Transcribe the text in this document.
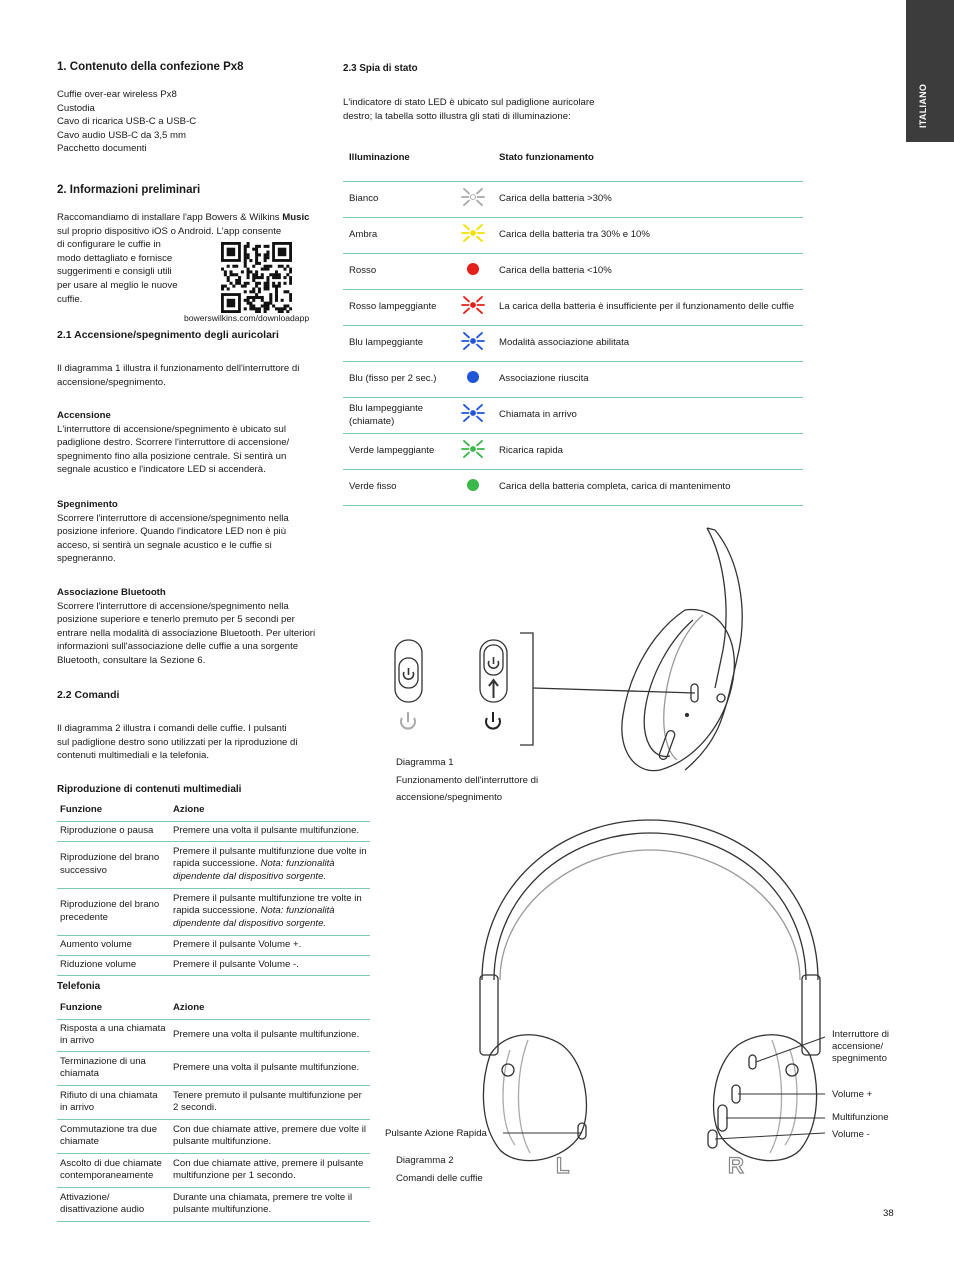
ITALIANO
1. Contenuto della confezione Px8
Cuffie over-ear wireless Px8
Custodia
Cavo di ricarica USB-C a USB-C
Cavo audio USB-C da 3,5 mm
Pacchetto documenti
2. Informazioni preliminari
Raccomandiamo di installare l'app Bowers & Wilkins Music
sul proprio dispositivo iOS o Android. L'app consente
di configurare le cuffie in
modo dettagliato e fornisce
suggerimenti e consigli utili
per usare al meglio le nuove
cuffie.
bowerswilkins.com/downloadapp
2.1 Accensione/spegnimento degli auricolari
Il diagramma 1 illustra il funzionamento dell'interruttore di
accensione/spegnimento.
Accensione
L'interruttore di accensione/spegnimento è ubicato sul
padiglione destro. Scorrere l'interruttore di accensione/
spegnimento fino alla posizione centrale. Si sentirà un
segnale acustico e l'indicatore LED si accenderà.
Spegnimento
Scorrere l'interruttore di accensione/spegnimento nella
posizione inferiore. Quando l'indicatore LED non è più
acceso, si sentirà un segnale acustico e le cuffie si
spegneranno.
Associazione Bluetooth
Scorrere l'interruttore di accensione/spegnimento nella
posizione superiore e tenerlo premuto per 5 secondi per
entrare nella modalità di associazione Bluetooth. Per ulteriori
informazioni sull'associazione delle cuffie a una sorgente
Bluetooth, consultare la Sezione 6.
2.2 Comandi
Il diagramma 2 illustra i comandi delle cuffie. I pulsanti
sul padiglione destro sono utilizzati per la riproduzione di
contenuti multimediali e la telefonia.
Riproduzione di contenuti multimediali
Funzione	Azione
Riproduzione o pausa	Premere una volta il pulsante multifunzione.
Riproduzione del brano successivo	Premere il pulsante multifunzione due volte in rapida successione. Nota: funzionalità dipendente dal dispositivo sorgente.
Riproduzione del brano precedente	Premere il pulsante multifunzione tre volte in rapida successione. Nota: funzionalità dipendente dal dispositivo sorgente.
Aumento volume	Premere il pulsante Volume +.
Riduzione volume	Premere il pulsante Volume -.
Telefonia
Funzione	Azione
Risposta a una chiamata in arrivo	Premere una volta il pulsante multifunzione.
Terminazione di una chiamata	Premere una volta il pulsante multifunzione.
Rifiuto di una chiamata in arrivo	Tenere premuto il pulsante multifunzione per 2 secondi.
Commutazione tra due chiamate	Con due chiamate attive, premere due volte il pulsante multifunzione.
Ascolto di due chiamate contemporaneamente	Con due chiamate attive, premere il pulsante multifunzione per 1 secondo.
Attivazione/ disattivazione audio	Durante una chiamata, premere tre volte il pulsante multifunzione.
2.3 Spia di stato
L'indicatore di stato LED è ubicato sul padiglione auricolare
destro; la tabella sotto illustra gli stati di illuminazione:
Illuminazione		Stato funzionamento
Bianco		Carica della batteria >30%
Ambra		Carica della batteria tra 30% e 10%
Rosso		Carica della batteria <10%
Rosso lampeggiante		La carica della batteria è insufficiente per il funzionamento delle cuffie
Blu lampeggiante		Modalità associazione abilitata
Blu (fisso per 2 sec.)		Associazione riuscita
Blu lampeggiante (chiamate)		Chiamata in arrivo
Verde lampeggiante		Ricarica rapida
Verde fisso		Carica della batteria completa, carica di mantenimento
Diagramma 1
Funzionamento dell'interruttore di
accensione/spegnimento
Interruttore di
accensione/
spegnimento
Volume +
Multifunzione
Volume -
Pulsante Azione Rapida
L	R
Diagramma 2
Comandi delle cuffie
38
